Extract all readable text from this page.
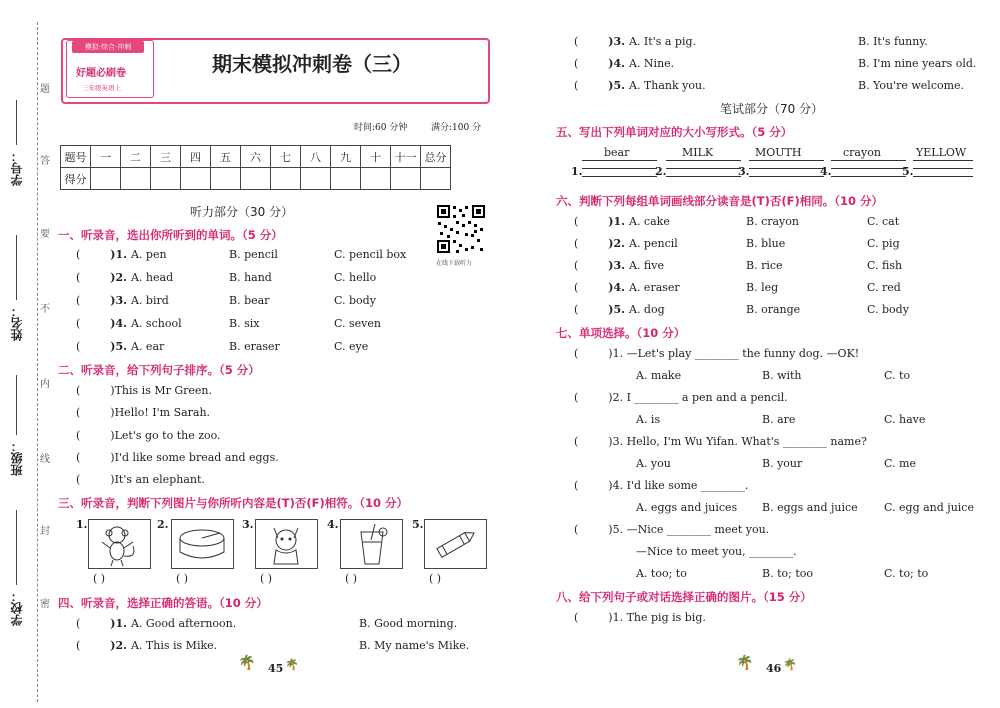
学号：
姓名：
班级：
学校：
题
答
要
不
内
线
封
密
模拟·综合·冲刺
好题必刷卷
三年级英语上
期末模拟冲刺卷（三）
时间:60 分钟	满分:100 分
题号	一	二	三	四	五	六	七	八	九	十	十一	总分
得分												
在线下载听力
听力部分（30 分）
一、听录音，选出你所听到的单词。（5 分）
(	)1. A. pen	B. pencil	C. pencil box
(	)2. A. head	B. hand	C. hello
(	)3. A. bird	B. bear	C. body
(	)4. A. school	B. six	C. seven
(	)5. A. ear	B. eraser	C. eye
二、听录音，给下列句子排序。（5 分）
(	)This is Mr Green.
(	)Hello! I'm Sarah.
(	)Let's go to the zoo.
(	)I'd like some bread and eggs.
(	)It's an elephant.
三、听录音，判断下列图片与你所听内容是(T)否(F)相符。（10 分）
1.	2.	3.	4.	5.
( )	( )	( )	( )	( )
四、听录音，选择正确的答语。（10 分）
(	)1. A. Good afternoon.	B. Good morning.
(	)2. A. This is Mike.	B. My name's Mike.
🌴 45 🌴
(	)3. A. It's a pig.	B. It's funny.
(	)4. A. Nine.	B. I'm nine years old.
(	)5. A. Thank you.	B. You're welcome.
笔试部分（70 分）
五、写出下列单词对应的大小写形式。（5 分）
bear	MILK	MOUTH	crayon	YELLOW
1.	2.	3.	4.	5.
六、判断下列每组单词画线部分读音是(T)否(F)相同。（10 分）
(	)1. A. cake	B. crayon	C. cat
(	)2. A. pencil	B. blue	C. pig
(	)3. A. five	B. rice	C. fish
(	)4. A. eraser	B. leg	C. red
(	)5. A. dog	B. orange	C. body
七、单项选择。（10 分）
(	)1. —Let's play ________ the funny dog. —OK!
A. make	B. with	C. to
(	)2. I ________ a pen and a pencil.
A. is	B. are	C. have
(	)3. Hello, I'm Wu Yifan. What's ________ name?
A. you	B. your	C. me
(	)4. I'd like some ________.
A. eggs and juices B. eggs and juice C. egg and juice
(	)5. —Nice ________ meet you.
—Nice to meet you, ________.
A. too; to	B. to; too	C. to; to
八、给下列句子或对话选择正确的图片。（15 分）
(	)1. The pig is big.
🌴 46 🌴
